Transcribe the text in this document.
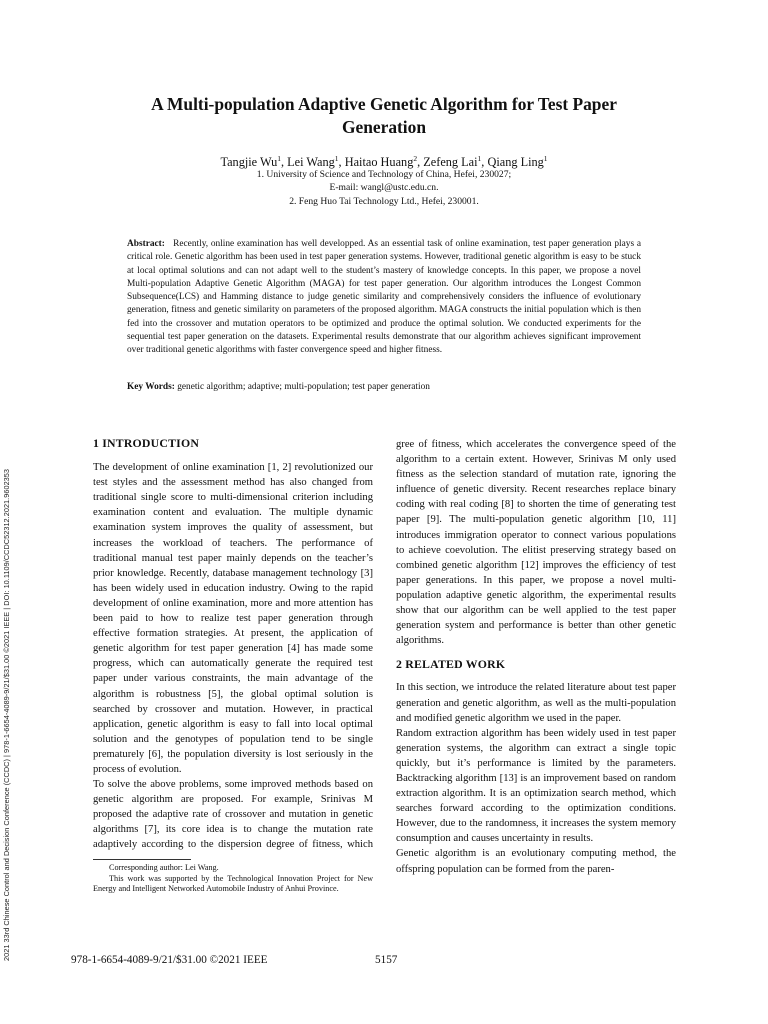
2021 33rd Chinese Control and Decision Conference (CCDC) | 978-1-6654-4089-9/21/$31.00 ©2021 IEEE | DOI: 10.1109/CCDC52312.2021.9602353
A Multi-population Adaptive Genetic Algorithm for Test Paper Generation
Tangjie Wu$^1$, Lei Wang$^1$, Haitao Huang$^2$, Zefeng Lai$^1$, Qiang Ling$^1$
1. University of Science and Technology of China, Hefei, 230027;
E-mail: wangl@ustc.edu.cn.
2. Feng Huo Tai Technology Ltd., Hefei, 230001.

Abstract: Recently, online examination has well developped. As an essential task of online examination, test paper generation plays a critical role. Genetic algorithm has been used in test paper generation systems. However, traditional genetic algorithm is easy to be stuck at local optimal solutions and can not adapt well to the student’s mastery of knowledge concepts. In this paper, we propose a novel Multi-population Adaptive Genetic Algorithm (MAGA) for test paper generation. Our algorithm introduces the Longest Common Subsequence(LCS) and Hamming distance to judge genetic similarity and comprehensively considers the influence of evolutionary generation, fitness and genetic similarity on parameters of the proposed algorithm. MAGA constructs the initial population which is then fed into the crossover and mutation operators to be optimized and produce the optimal solution. We conducted experiments for the sequential test paper generation on the datasets. Experimental results demonstrate that our algorithm achieves significant improvement over traditional genetic algorithms with faster convergence speed and higher fitness.

Key Words: genetic algorithm; adaptive; multi-population; test paper generation

1 INTRODUCTION

The development of online examination [1, 2] revolutionized our test styles and the assessment method has also changed from traditional single score to multi-dimensional criterion including examination content and evaluation. The multiple dynamic examination system improves the quality of assessment, but increases the workload of teachers. The performance of traditional manual test paper mainly depends on the teacher’s prior knowledge. Recently, database management technology [3] has been widely used in education industry. Owing to the rapid development of online examination, more and more attention has been paid to how to realize test paper generation through effective formation strategies. At present, the application of genetic algorithm for test paper generation [4] has made some progress, which can automatically generate the required test paper under various constraints, the main advantage of the algorithm is robustness [5], the global optimal solution is searched by crossover and mutation. However, in practical application, genetic algorithm is easy to fall into local optimal solution and the genotypes of population tend to be single prematurely [6], the population diversity is lost seriously in the process of evolution.

To solve the above problems, some improved methods based on genetic algorithm are proposed. For example, Srinivas M proposed the adaptive rate of crossover and mutation in genetic algorithms [7], its core idea is to change the mutation rate adaptively according to the dispersion degree of fitness, which

gree of fitness, which accelerates the convergence speed of the algorithm to a certain extent. However, Srinivas M only used fitness as the selection standard of mutation rate, ignoring the influence of genetic diversity. Recent researches replace binary coding with real coding [8] to shorten the time of generating test paper [9]. The multi-population genetic algorithm [10, 11] introduces immigration operator to connect various populations to achieve coevolution. The elitist preserving strategy based on combined genetic algorithm [12] improves the efficiency of test paper generations. In this paper, we propose a novel multi-population adaptive genetic algorithm, the experimental results show that our algorithm can be well applied to the test paper generation system and performance is better than other genetic algorithms.

2 RELATED WORK

In this section, we introduce the related literature about test paper generation and genetic algorithm, as well as the multi-population and modified genetic algorithm we used in the paper.

Random extraction algorithm has been widely used in test paper generation systems, the algorithm can extract a single topic quickly, but it’s performance is limited by the parameters. Backtracking algorithm [13] is an improvement based on random extraction algorithm. It is an optimization search method, which searches forward according to the optimization conditions. However, due to the randomness, it increases the system memory consumption and causes uncertainty in results.

Genetic algorithm is an evolutionary computing method, the offspring population can be formed from the paren-

Corresponding author: Lei Wang.

This work was supported by the Technological Innovation Project for New Energy and Intelligent Networked Automobile Industry of Anhui Province.

978-1-6654-4089-9/21/$31.00 ©2021 IEEE	5157
